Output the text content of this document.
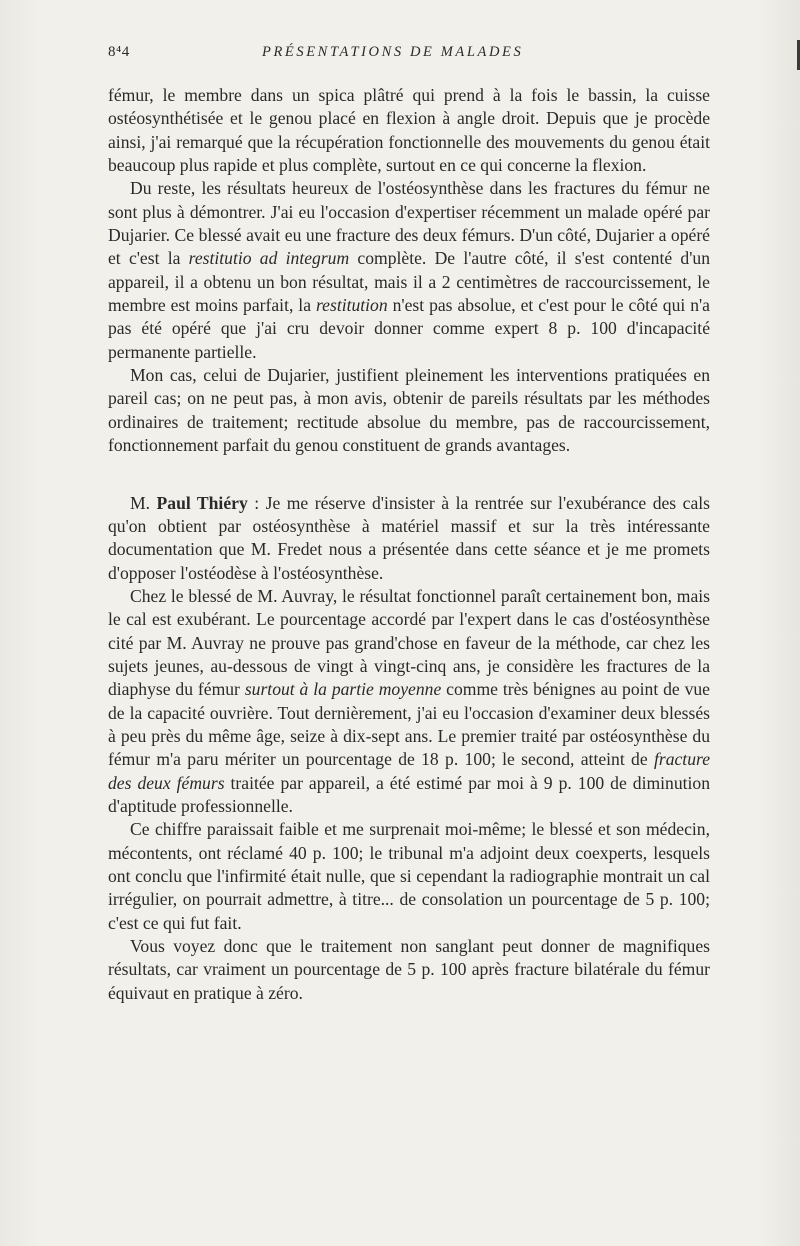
8⁴4	PRÉSENTATIONS DE MALADES

fémur, le membre dans un spica plâtré qui prend à la fois le bassin, la cuisse ostéosynthétisée et le genou placé en flexion à angle droit. Depuis que je procède ainsi, j'ai remarqué que la récupération fonctionnelle des mouvements du genou était beaucoup plus rapide et plus complète, surtout en ce qui concerne la flexion.

Du reste, les résultats heureux de l'ostéosynthèse dans les fractures du fémur ne sont plus à démontrer. J'ai eu l'occasion d'expertiser récemment un malade opéré par Dujarier. Ce blessé avait eu une fracture des deux fémurs. D'un côté, Dujarier a opéré et c'est la restitutio ad integrum complète. De l'autre côté, il s'est contenté d'un appareil, il a obtenu un bon résultat, mais il a 2 centimètres de raccourcissement, le membre est moins parfait, la restitution n'est pas absolue, et c'est pour le côté qui n'a pas été opéré que j'ai cru devoir donner comme expert 8 p. 100 d'incapacité permanente partielle.

Mon cas, celui de Dujarier, justifient pleinement les interventions pratiquées en pareil cas; on ne peut pas, à mon avis, obtenir de pareils résultats par les méthodes ordinaires de traitement; rectitude absolue du membre, pas de raccourcissement, fonctionnement parfait du genou constituent de grands avantages.

M. Paul Thiéry : Je me réserve d'insister à la rentrée sur l'exubérance des cals qu'on obtient par ostéosynthèse à matériel massif et sur la très intéressante documentation que M. Fredet nous a présentée dans cette séance et je me promets d'opposer l'ostéodèse à l'ostéosynthèse.

Chez le blessé de M. Auvray, le résultat fonctionnel paraît certainement bon, mais le cal est exubérant. Le pourcentage accordé par l'expert dans le cas d'ostéosynthèse cité par M. Auvray ne prouve pas grand'chose en faveur de la méthode, car chez les sujets jeunes, au-dessous de vingt à vingt-cinq ans, je considère les fractures de la diaphyse du fémur surtout à la partie moyenne comme très bénignes au point de vue de la capacité ouvrière. Tout dernièrement, j'ai eu l'occasion d'examiner deux blessés à peu près du même âge, seize à dix-sept ans. Le premier traité par ostéosynthèse du fémur m'a paru mériter un pourcentage de 18 p. 100; le second, atteint de fracture des deux fémurs traitée par appareil, a été estimé par moi à 9 p. 100 de diminution d'aptitude professionnelle.

Ce chiffre paraissait faible et me surprenait moi-même; le blessé et son médecin, mécontents, ont réclamé 40 p. 100; le tribunal m'a adjoint deux coexperts, lesquels ont conclu que l'infirmité était nulle, que si cependant la radiographie montrait un cal irrégulier, on pourrait admettre, à titre... de consolation un pourcentage de 5 p. 100; c'est ce qui fut fait.

Vous voyez donc que le traitement non sanglant peut donner de magnifiques résultats, car vraiment un pourcentage de 5 p. 100 après fracture bilatérale du fémur équivaut en pratique à zéro.
